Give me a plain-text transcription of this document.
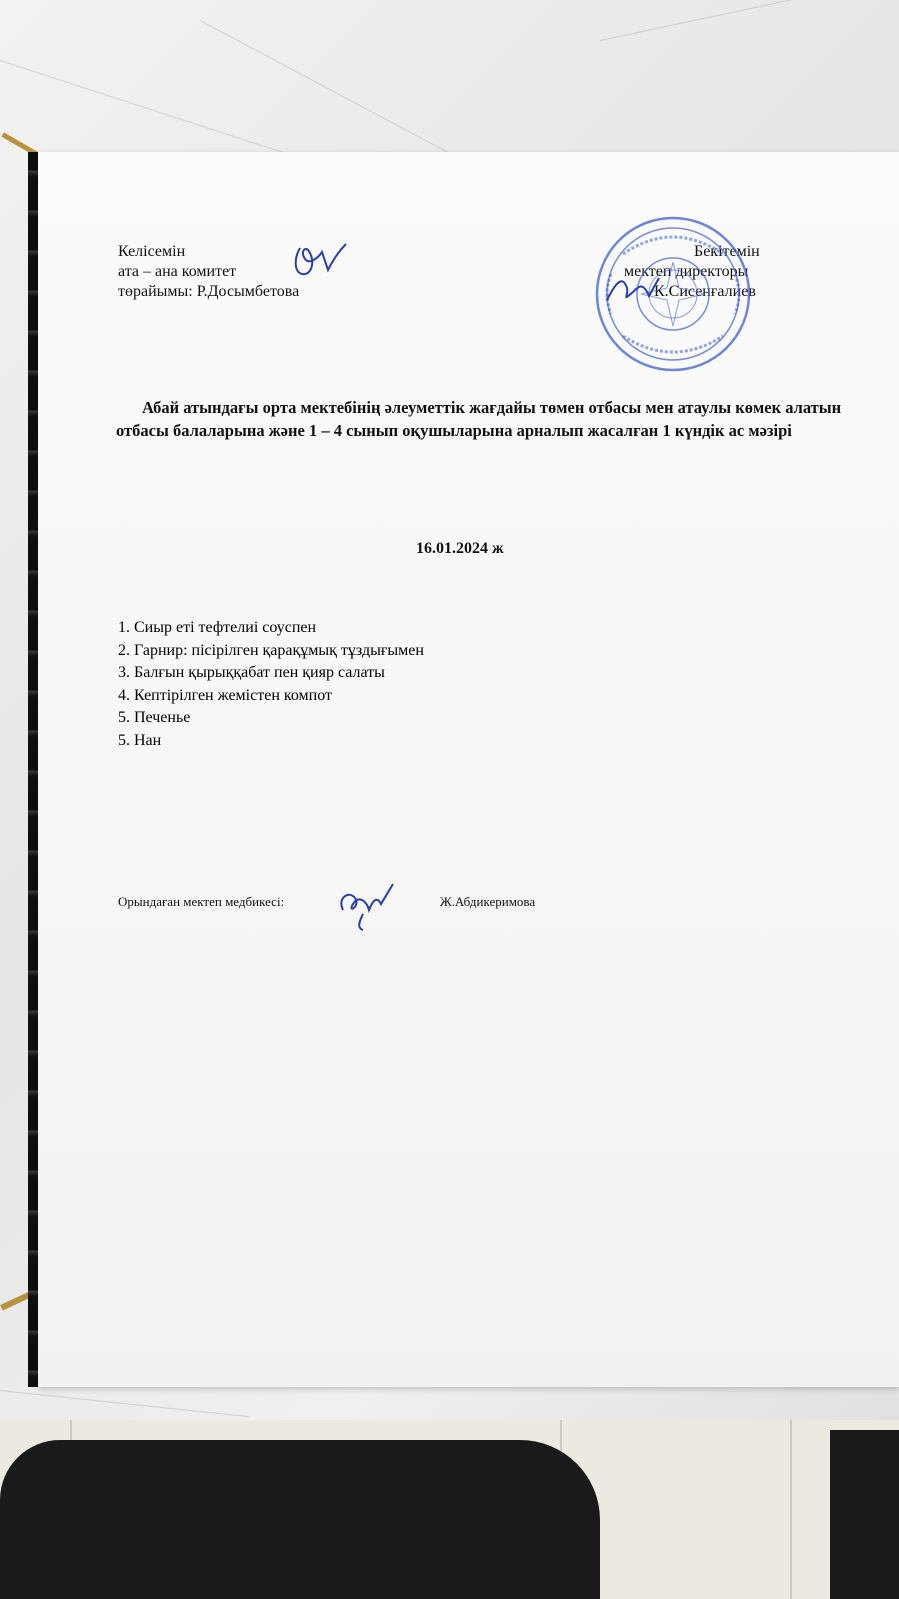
Келісемін
ата – ана комитет
төрайымы: Р.Досымбетова
Бекітемін
мектеп директоры
К.Сисенғалиев
Абай атындағы орта мектебінің әлеуметтік жағдайы төмен отбасы мен атаулы көмек алатын отбасы балаларына және 1 – 4 сынып оқушыларына арналып жасалған 1 күндік ас мәзірі
16.01.2024 ж
1. Сиыр еті тефтелиі соуспен
2. Гарнир: пісірілген қарақұмық тұздығымен
3. Балғын қырыққабат пен қияр салаты
4. Кептірілген жемістен компот
5. Печенье
5. Нан
Орындаған мектеп медбикесі:	Ж.Абдикеримова
